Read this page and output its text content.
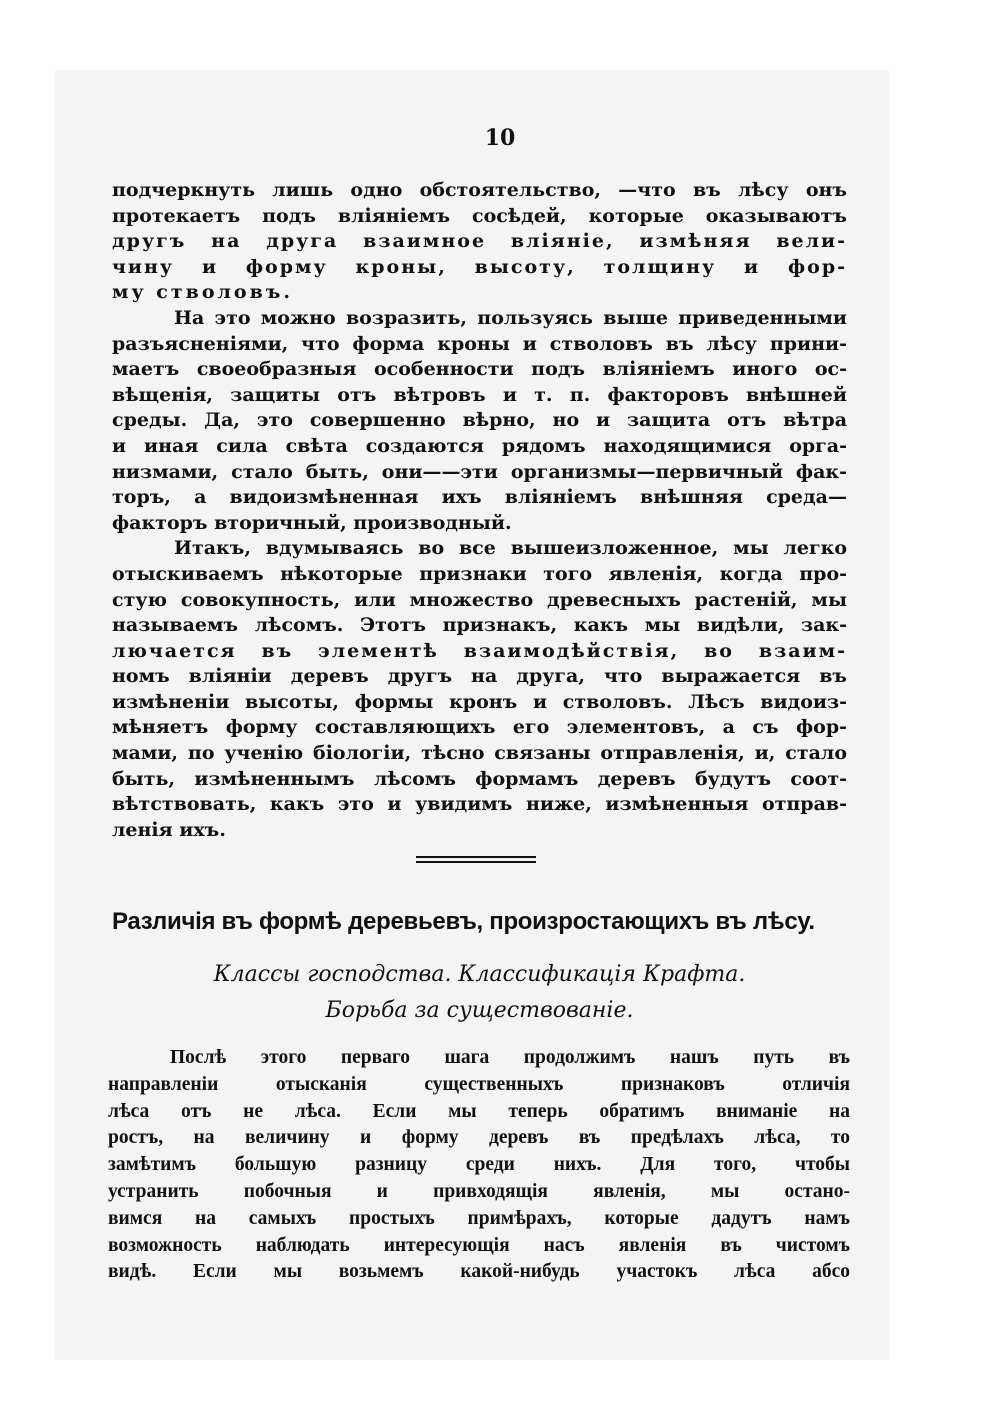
10
подчеркнуть лишь одно обстоятельство, —что въ лѣсу онъ
протекаетъ подъ вліяніемъ сосѣдей, которые оказываютъ
другъ на друга взаимное вліяніе, измѣняя вели-
чину и форму кроны, высоту, толщину и фор-
му стволовъ.
На это можно возразить, пользуясь выше приведенными
разъясненіями, что форма кроны и стволовъ въ лѣсу прини-
маетъ своеобразныя особенности подъ вліяніемъ иного ос-
вѣщенія, защиты отъ вѣтровъ и т. п. факторовъ внѣшней
среды. Да, это совершенно вѣрно, но и защита отъ вѣтра
и иная сила свѣта создаются рядомъ находящимися орга-
низмами, стало быть, они——эти организмы—первичный фак-
торъ, а видоизмѣненная ихъ вліяніемъ внѣшняя среда—
факторъ вторичный, производный.
Итакъ, вдумываясь во все вышеизложенное, мы легко
отыскиваемъ нѣкоторые признаки того явленія, когда про-
стую совокупность, или множество древесныхъ растеній, мы
называемъ лѣсомъ. Этотъ признакъ, какъ мы видѣли, зак-
лючается въ элементѣ взаимодѣйствія, во взаим-
номъ вліяніи деревъ другъ на друга, что выражается въ
измѣненіи высоты, формы кронъ и стволовъ. Лѣсъ видоиз-
мѣняетъ форму составляющихъ его элементовъ, а съ фор-
мами, по ученію біологіи, тѣсно связаны отправленія, и, стало
быть, измѣненнымъ лѣсомъ формамъ деревъ будутъ соот-
вѣтствовать, какъ это и увидимъ ниже, измѣненныя отправ-
ленія ихъ.
Различія въ формѣ деревьевъ, произростающихъ въ лѣсу.
Классы господства. Классификація Крафта.
Борьба за существованіе.
Послѣ этого перваго шага продолжимъ нашъ путь въ
направленіи отысканія существенныхъ признаковъ отличія
лѣса отъ не лѣса. Если мы теперь обратимъ вниманіе на
ростъ, на величину и форму деревъ въ предѣлахъ лѣса, то
замѣтимъ большую разницу среди нихъ. Для того, чтобы
устранить побочныя и привходящія явленія, мы остано-
вимся на самыхъ простыхъ примѣрахъ, которые дадутъ намъ
возможность наблюдать интересующія насъ явленія въ чистомъ
видѣ. Если мы возьмемъ какой-нибудь участокъ лѣса абсо
